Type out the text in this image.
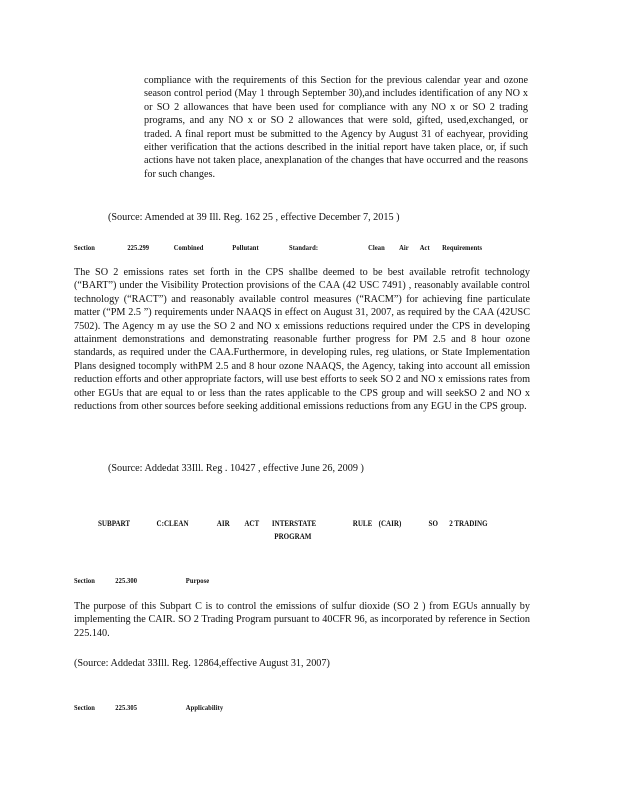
compliance with the requirements of this Section for the previous calendar year and ozone season control period (May 1 through September 30),and includes identification of any NO x or SO 2 allowances that have been used for compliance with any NO x or SO 2 trading programs, and any NO x or SO 2 allowances that were sold, gifted, used,exchanged, or traded. A final report must be submitted to the Agency by August 31 of eachyear, providing either verification that the actions described in the initial report have taken place, or, if such actions have not taken place, anexplanation of the changes that have occurred and the reasons for such changes.

(Source: Amended at 39 Ill. Reg. 162 25 , effective December 7, 2015 )
Section	225.299	Combined	Pollutant	Standard:	Clean Air Act Requirements

The SO 2 emissions rates set forth in the CPS shallbe deemed to be best available retrofit technology (“BART”) under the Visibility Protection provisions of the CAA (42 USC 7491) , reasonably available control technology (“RACT”) and reasonably available control measures (“RACM”) for achieving fine particulate matter (“PM 2.5 ”) requirements under NAAQS in effect on August 31, 2007, as required by the CAA (42USC 7502). The Agency m ay use the SO 2 and NO x emissions reductions required under the CPS in developing attainment demonstrations and demonstrating reasonable further progress for PM 2.5 and 8 hour ozone standards, as required under the CAA.Furthermore, in developing rules, reg ulations, or State Implementation Plans designed tocomply withPM 2.5 and 8 hour ozone NAAQS, the Agency, taking into account all emission reduction efforts and other appropriate factors, will use best efforts to seek SO 2 and NO x emissions rates from other EGUs that are equal to or less than the rates applicable to the CPS group and will seekSO 2 and NO x reductions from other sources before seeking additional emissions reductions from any EGU in the CPS group.

(Source: Addedat 33Ill. Reg . 10427 , effective June 26, 2009 )
SUBPART	C:CLEAN	AIR ACT INTERSTATE	RULE (CAIR)	SO 2 TRADING
PROGRAM
Section	225.300	Purpose

The purpose of this Subpart C is to control the emissions of sulfur dioxide (SO 2 ) from EGUs annually by implementing the CAIR. SO 2 Trading Program pursuant to 40CFR 96, as incorporated by reference in Section 225.140.

(Source: Addedat 33Ill. Reg. 12864,effective August 31, 2007)
Section	225.305	Applicability
